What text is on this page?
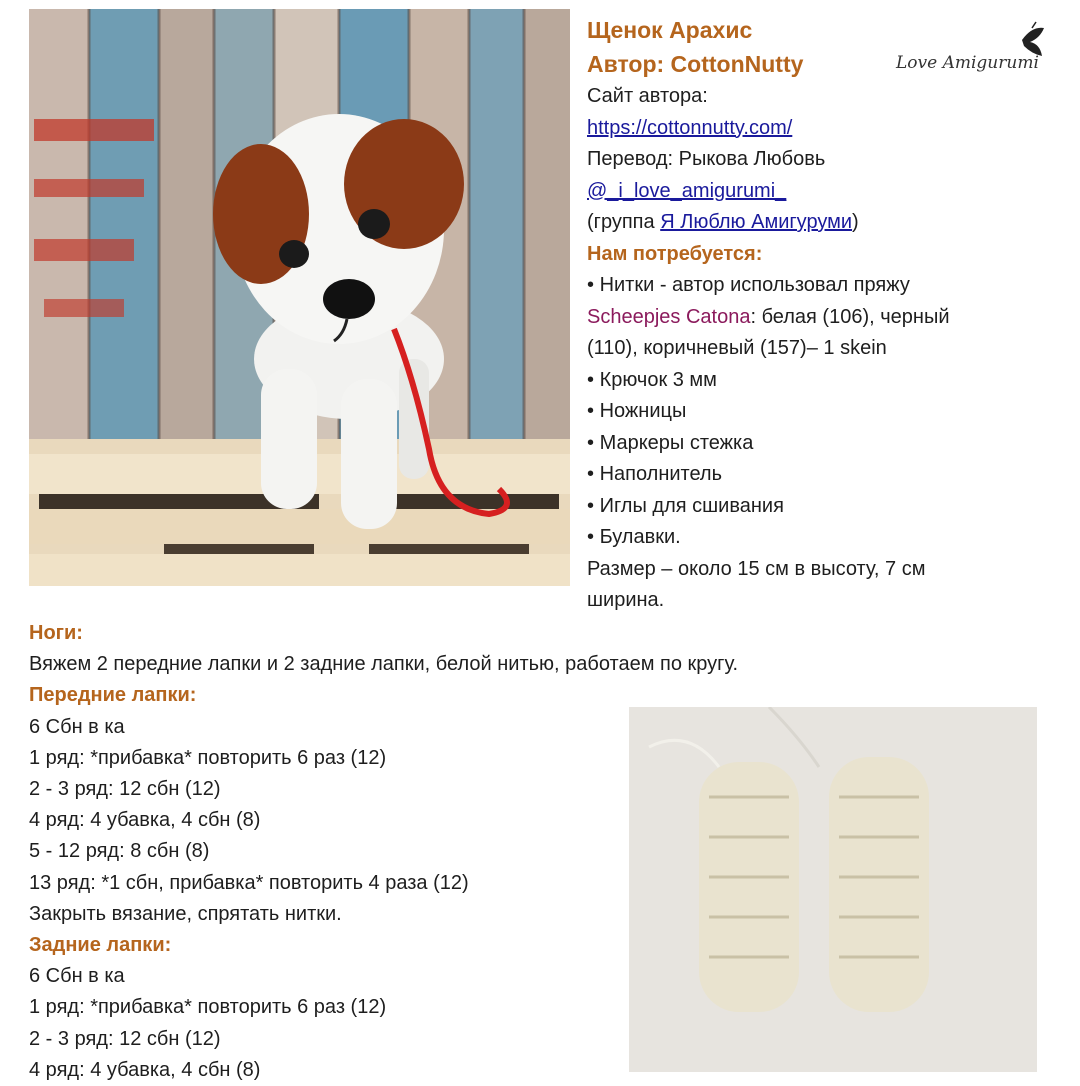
Love Amigurumi
Щенок Арахис
Автор: CottonNutty
Сайт автора:
https://cottonnutty.com/
Перевод: Рыкова Любовь
@_i_love_amigurumi_
(группа Я Люблю Амигуруми)
Нам потребуется:
• Нитки - автор использовал пряжу
Scheepjes Catona: белая (106), черный
(110), коричневый (157)– 1 skein
• Крючок 3 мм
• Ножницы
• Маркеры стежка
• Наполнитель
• Иглы для сшивания
• Булавки.
Размер – около 15 см в высоту, 7 см
ширина.
Ноги:
Вяжем 2 передние лапки и 2 задние лапки, белой нитью, работаем по кругу.
Передние лапки:
6 Сбн в ка
1 ряд: *прибавка* повторить 6 раз (12)
2 - 3 ряд: 12 сбн (12)
4 ряд: 4 убавка, 4 сбн (8)
5 - 12 ряд: 8 сбн (8)
13 ряд: *1 сбн, прибавка* повторить 4 раза (12)
Закрыть вязание, спрятать нитки.
Задние лапки:
6 Сбн в ка
1 ряд: *прибавка* повторить 6 раз (12)
2 - 3 ряд: 12 сбн (12)
4 ряд: 4 убавка, 4 сбн (8)
